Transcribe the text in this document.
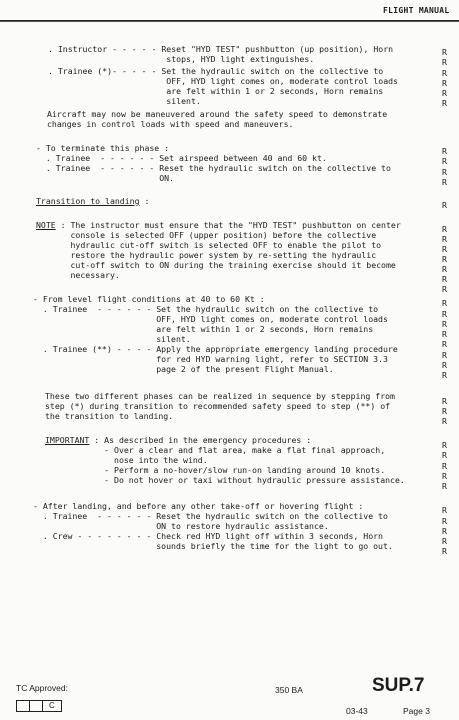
FLIGHT MANUAL
. Instructor - - - - - Reset "HYD TEST" pushbutton (up position), Horn
stops, HYD light extinguishes.
. Trainee (*)- - - - - Set the hydraulic switch on the collective to
OFF, HYD light comes on, moderate control loads
are felt within 1 or 2 seconds, Horn remains
silent.
Aircraft may now be maneuvered around the safety speed to demonstrate
changes in control loads with speed and maneuvers.
- To terminate this phase :
. Trainee  - - - - - - Set airspeed between 40 and 60 kt.
. Trainee  - - - - - - Reset the hydraulic switch on the collective to
ON.
Transition to landing :
NOTE : The instructor must ensure that the "HYD TEST" pushbutton on center
console is selected OFF (upper position) before the collective
hydraulic cut-off switch is selected OFF to enable the pilot to
restore the hydraulic power system by re-setting the hydraulic
cut-off switch to ON during the training exercise should it become
necessary.
- From level flight conditions at 40 to 60 Kt :
. Trainee  - - - - - - Set the hydraulic switch on the collective to
OFF, HYD light comes on, moderate control loads
are felt within 1 or 2 seconds, Horn remains
silent.
. Trainee (**) - - - - Apply the appropriate emergency landing procedure
for red HYD warning light, refer to SECTION 3.3
page 2 of the present Flight Manual.
These two different phases can be realized in sequence by stepping from
step (*) during transition to recommended safety speed to step (**) of
the transition to landing.
IMPORTANT : As described in the emergency procedures :
- Over a clear and flat area, make a flat final approach,
nose into the wind.
- Perform a no-hover/slow run-on landing around 10 knots.
- Do not hover or taxi without hydraulic pressure assistance.
- After landing, and before any other take-off or hovering flight :
. Trainee  - - - - - - Reset the hydraulic switch on the collective to
ON to restore hydraulic assistance.
. Crew - - - - - - - - Check red HYD light off within 3 seconds, Horn
sounds briefly the time for the light to go out.
R
R
R
R
R
R
R
R
R
R
R
R
R
R
R
R
R
R
R
R
R
R
R
R
R
R
R
R
R
R
R
R
R
R
R
R
R
R
R
TC Approved:	350 BA	SUP.7
03-43	Page 3
C
